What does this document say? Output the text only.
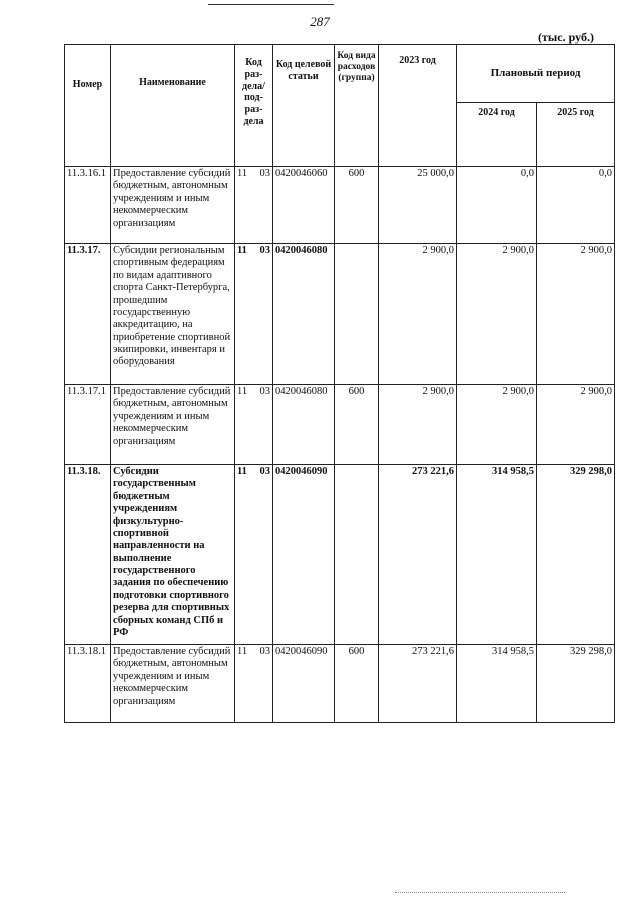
287
(тыс. руб.)
Номер	Наименование	Код раз-дела/ под-раз-дела	Код целевой статьи	Код вида расходов (группа)	2023 год	Плановый период	
						2024 год	2025 год
11.3.16.1	Предоставление субсидий бюджетным, автономным учреждениям и иным некоммерческим организациям	11 03	0420046060	600	25 000,0	0,0	0,0
11.3.17.	Субсидии региональным спортивным федерациям по видам адаптивного спорта Санкт-Петербурга, прошедшим государственную аккредитацию, на приобретение спортивной экипировки, инвентаря и оборудования	11 03	0420046080		2 900,0	2 900,0	2 900,0
11.3.17.1	Предоставление субсидий бюджетным, автономным учреждениям и иным некоммерческим организациям	11 03	0420046080	600	2 900,0	2 900,0	2 900,0
11.3.18.	Субсидии государственным бюджетным учреждениям физкультурно-спортивной направленности на выполнение государственного задания по обеспечению подготовки спортивного резерва для спортивных сборных команд СПб и РФ	11 03	0420046090		273 221,6	314 958,5	329 298,0
11.3.18.1	Предоставление субсидий бюджетным, автономным учреждениям и иным некоммерческим организациям	11 03	0420046090	600	273 221,6	314 958,5	329 298,0
